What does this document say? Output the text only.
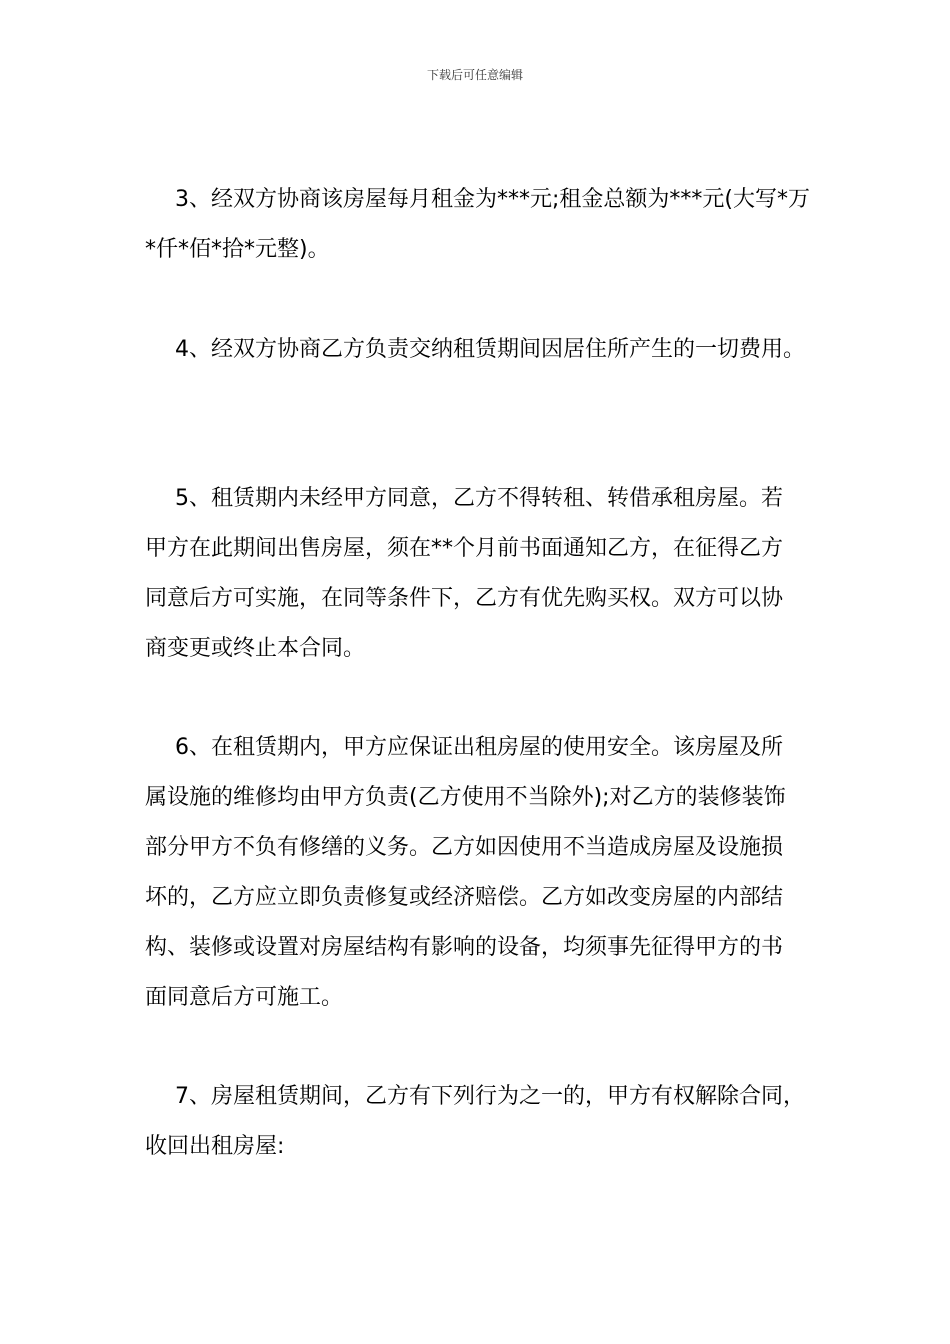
下载后可任意编辑
3、经双方协商该房屋每月租金为***元;租金总额为***元(大写*万
*仟*佰*拾*元整)。
4、经双方协商乙方负责交纳租赁期间因居住所产生的一切费用。
5、租赁期内未经甲方同意，乙方不得转租、转借承租房屋。若
甲方在此期间出售房屋，须在**个月前书面通知乙方，在征得乙方
同意后方可实施，在同等条件下，乙方有优先购买权。双方可以协
商变更或终止本合同。
6、在租赁期内，甲方应保证出租房屋的使用安全。该房屋及所
属设施的维修均由甲方负责(乙方使用不当除外);对乙方的装修装饰
部分甲方不负有修缮的义务。乙方如因使用不当造成房屋及设施损
坏的，乙方应立即负责修复或经济赔偿。乙方如改变房屋的内部结
构、装修或设置对房屋结构有影响的设备，均须事先征得甲方的书
面同意后方可施工。
7、房屋租赁期间，乙方有下列行为之一的，甲方有权解除合同，
收回出租房屋:
